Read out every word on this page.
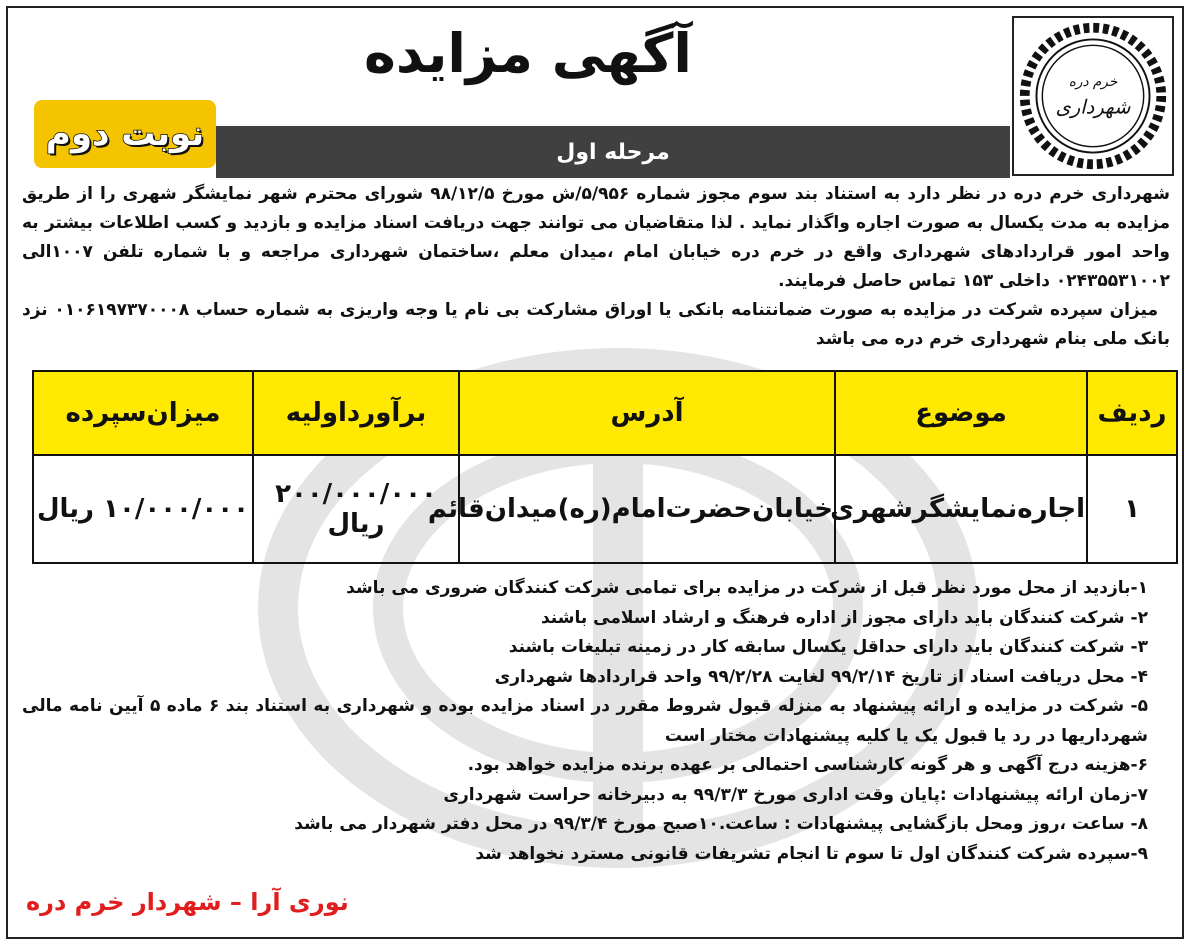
آگهی مزایده	خرم دره
شهرداری
مرحله اول
نوبت دوم

شهرداری خرم دره در نظر دارد به استناد بند سوم مجوز شماره ۵/۹۵۶/ش مورخ ۹۸/۱۲/۵ شورای محترم شهر نمایشگر شهری را از طریق مزایده به مدت یکسال به صورت اجاره واگذار نماید . لذا متقاضیان می توانند جهت دریافت اسناد مزایده و بازدید و کسب اطلاعات بیشتر به واحد امور قراردادهای شهرداری واقع در خرم دره خیابان امام ،میدان معلم ،ساختمان شهرداری مراجعه و با شماره تلفن ۱۰۰۷الی ۰۲۴۳۵۵۳۱۰۰۲ داخلی ۱۵۳ تماس حاصل فرمایند.

میزان سپرده شرکت در مزایده به صورت ضمانتنامه بانکی یا اوراق مشارکت بی نام یا وجه واریزی به شماره حساب ۰۱۰۶۱۹۷۳۷۰۰۰۸ نزد بانک ملی بنام شهرداری خرم دره می باشد

ردیف	موضوع	آدرس	برآورداولیه	میزان‌سپرده
۱	اجاره‌نمایشگرشهری	خیابان‌حضرت‌امام(ره)میدان‌قائم	۲۰۰/۰۰۰/۰۰۰ ریال	۱۰/۰۰۰/۰۰۰ ریال

۱-بازدید از محل مورد نظر قبل از شرکت در مزایده برای تمامی شرکت کنندگان ضروری می باشد

۲- شرکت کنندگان باید دارای مجوز از اداره فرهنگ و ارشاد اسلامی باشند

۳- شرکت کنندگان باید دارای حداقل یکسال سابقه کار در زمینه تبلیغات باشند

۴- محل دریافت اسناد از تاریخ ۹۹/۲/۱۴ لغایت ۹۹/۲/۲۸ واحد قراردادها شهرداری

۵- شرکت در مزایده و ارائه پیشنهاد به منزله قبول شروط مقرر در اسناد مزایده بوده و شهرداری به استناد بند ۶ ماده ۵ آیین نامه مالی شهرداریها در رد یا قبول یک یا کلیه پیشنهادات مختار است

۶-هزینه درج آگهی و هر گونه کارشناسی احتمالی بر عهده برنده مزایده خواهد بود.

۷-زمان ارائه پیشنهادات :پایان وقت اداری مورخ ۹۹/۳/۳ به دبیرخانه حراست شهرداری

۸- ساعت ،روز ومحل بازگشایی پیشنهادات : ساعت.۱۰صبح مورخ ۹۹/۳/۴ در محل دفتر شهردار می باشد

۹-سپرده شرکت کنندگان اول تا سوم تا انجام تشریفات قانونی مسترد نخواهد شد

نوری آرا – شهردار خرم دره
